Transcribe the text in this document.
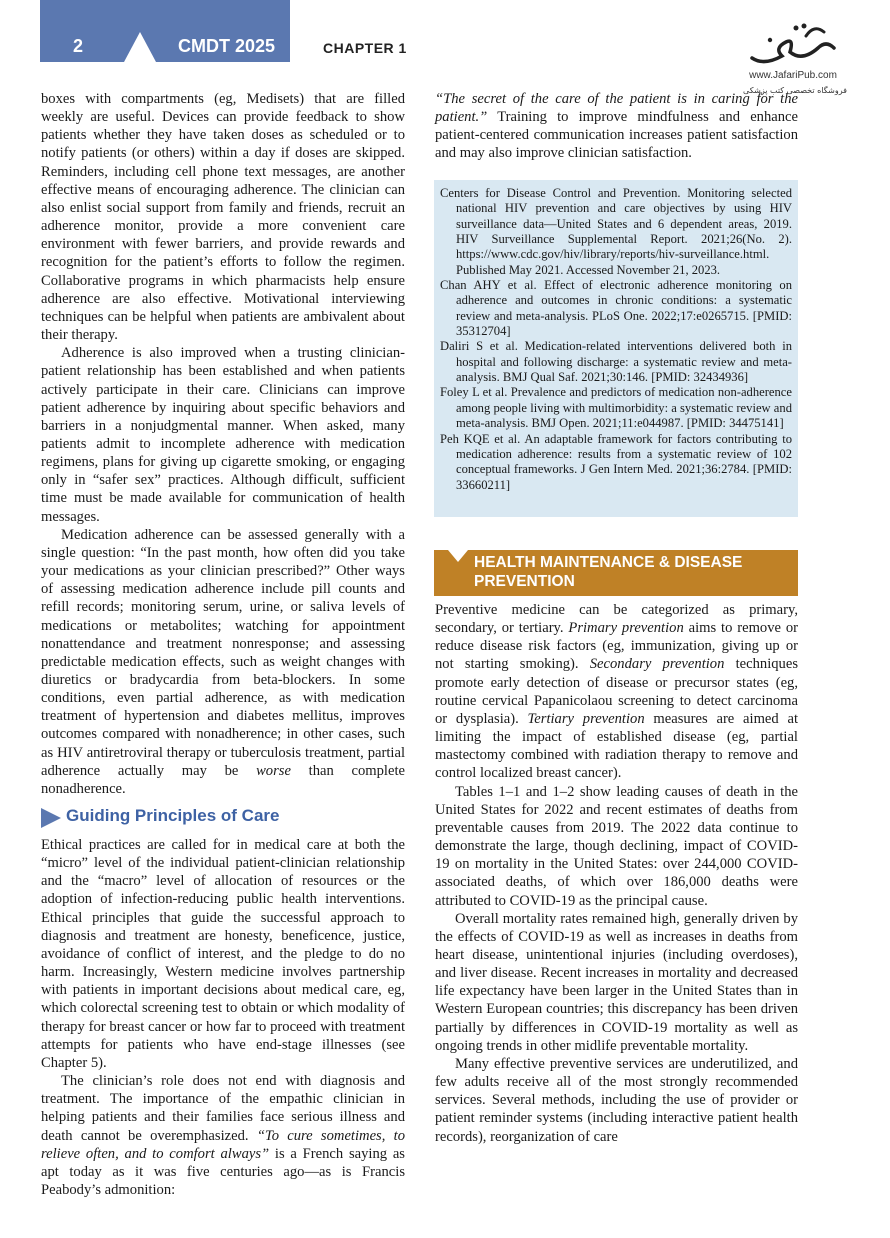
2	CMDT 2025	CHAPTER 1
www.JafariPub.com
فروشگاه تخصصی کتب پزشکی

boxes with compartments (eg, Medisets) that are filled weekly are useful. Devices can provide feedback to show patients whether they have taken doses as scheduled or to notify patients (or others) within a day if doses are skipped. Reminders, including cell phone text messages, are another effective means of encouraging adherence. The clinician can also enlist social support from family and friends, recruit an adherence monitor, provide a more convenient care environment with fewer barriers, and provide rewards and recognition for the patient’s efforts to follow the regimen. Collaborative programs in which pharmacists help ensure adherence are also effective. Motivational interviewing techniques can be helpful when patients are ambivalent about their therapy.

Adherence is also improved when a trusting clinician-patient relationship has been established and when patients actively participate in their care. Clinicians can improve patient adherence by inquiring about specific behaviors and barriers in a nonjudgmental manner. When asked, many patients admit to incomplete adherence with medication regimens, plans for giving up cigarette smoking, or engaging only in “safer sex” practices. Although difficult, sufficient time must be made available for communication of health messages.

Medication adherence can be assessed generally with a single question: “In the past month, how often did you take your medications as your clinician prescribed?” Other ways of assessing medication adherence include pill counts and refill records; monitoring serum, urine, or saliva levels of medications or metabolites; watching for appointment nonattendance and treatment nonresponse; and assessing predictable medication effects, such as weight changes with diuretics or bradycardia from beta-blockers. In some conditions, even partial adherence, as with medication treatment of hypertension and diabetes mellitus, improves outcomes compared with nonadherence; in other cases, such as HIV antiretroviral therapy or tuberculosis treatment, partial adherence actually may be worse than complete nonadherence.

Guiding Principles of Care

Ethical practices are called for in medical care at both the “micro” level of the individual patient-clinician relationship and the “macro” level of allocation of resources or the adoption of infection-reducing public health interventions. Ethical principles that guide the successful approach to diagnosis and treatment are honesty, beneficence, justice, avoidance of conflict of interest, and the pledge to do no harm. Increasingly, Western medicine involves partnership with patients in important decisions about medical care, eg, which colorectal screening test to obtain or which modality of therapy for breast cancer or how far to proceed with treatment attempts for patients who have end-stage illnesses (see Chapter 5).

The clinician’s role does not end with diagnosis and treatment. The importance of the empathic clinician in helping patients and their families face serious illness and death cannot be overemphasized. “To cure sometimes, to relieve often, and to comfort always” is a French saying as apt today as it was five centuries ago—as is Francis Peabody’s admonition:

“The secret of the care of the patient is in caring for the patient.” Training to improve mindfulness and enhance patient-centered communication increases patient satisfaction and may also improve clinician satisfaction.

Centers for Disease Control and Prevention. Monitoring selected national HIV prevention and care objectives by using HIV surveillance data—United States and 6 dependent areas, 2019. HIV Surveillance Supplemental Report. 2021;26(No. 2). https://www.cdc.gov/hiv/library/reports/hiv-surveillance.html. Published May 2021. Accessed November 21, 2023.
Chan AHY et al. Effect of electronic adherence monitoring on adherence and outcomes in chronic conditions: a systematic review and meta-analysis. PLoS One. 2022;17:e0265715. [PMID: 35312704]
Daliri S et al. Medication-related interventions delivered both in hospital and following discharge: a systematic review and meta-analysis. BMJ Qual Saf. 2021;30:146. [PMID: 32434936]
Foley L et al. Prevalence and predictors of medication non-adherence among people living with multimorbidity: a systematic review and meta-analysis. BMJ Open. 2021;11:e044987. [PMID: 34475141]
Peh KQE et al. An adaptable framework for factors contributing to medication adherence: results from a systematic review of 102 conceptual frameworks. J Gen Intern Med. 2021;36:2784. [PMID: 33660211]
HEALTH MAINTENANCE & DISEASE
PREVENTION

Preventive medicine can be categorized as primary, secondary, or tertiary. Primary prevention aims to remove or reduce disease risk factors (eg, immunization, giving up or not starting smoking). Secondary prevention techniques promote early detection of disease or precursor states (eg, routine cervical Papanicolaou screening to detect carcinoma or dysplasia). Tertiary prevention measures are aimed at limiting the impact of established disease (eg, partial mastectomy combined with radiation therapy to remove and control localized breast cancer).

Tables 1–1 and 1–2 show leading causes of death in the United States for 2022 and recent estimates of deaths from preventable causes from 2019. The 2022 data continue to demonstrate the large, though declining, impact of COVID-19 on mortality in the United States: over 244,000 COVID-associated deaths, of which over 186,000 deaths were attributed to COVID-19 as the principal cause.

Overall mortality rates remained high, generally driven by the effects of COVID-19 as well as increases in deaths from heart disease, unintentional injuries (including overdoses), and liver disease. Recent increases in mortality and decreased life expectancy have been larger in the United States than in Western European countries; this discrepancy has been driven partially by differences in COVID-19 mortality as well as ongoing trends in other midlife preventable mortality.

Many effective preventive services are underutilized, and few adults receive all of the most strongly recommended services. Several methods, including the use of provider or patient reminder systems (including interactive patient health records), reorganization of care
